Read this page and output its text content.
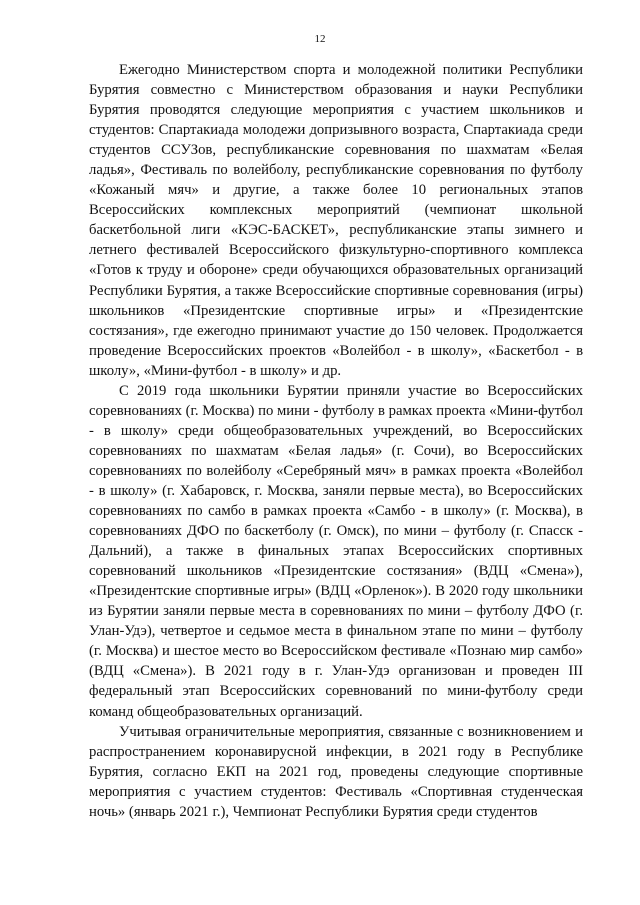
12

Ежегодно Министерством спорта и молодежной политики Республики Бурятия совместно с Министерством образования и науки Республики Бурятия проводятся следующие мероприятия с участием школьников и студентов: Спартакиада молодежи допризывного возраста, Спартакиада среди студентов ССУЗов, республиканские соревнования по шахматам «Белая ладья», Фестиваль по волейболу, республиканские соревнования по футболу «Кожаный мяч» и другие, а также более 10 региональных этапов Всероссийских комплексных мероприятий (чемпионат школьной баскетбольной лиги «КЭС-БАСКЕТ», республиканские этапы зимнего и летнего фестивалей Всероссийского физкультурно-спортивного комплекса «Готов к труду и обороне» среди обучающихся образовательных организаций Республики Бурятия, а также Всероссийские спортивные соревнования (игры) школьников «Президентские спортивные игры» и «Президентские состязания», где ежегодно принимают участие до 150 человек. Продолжается проведение Всероссийских проектов «Волейбол - в школу», «Баскетбол - в школу», «Мини-футбол - в школу» и др.

С 2019 года школьники Бурятии приняли участие во Всероссийских соревнованиях (г. Москва) по мини - футболу в рамках проекта «Мини-футбол - в школу» среди общеобразовательных учреждений, во Всероссийских соревнованиях по шахматам «Белая ладья» (г. Сочи), во Всероссийских соревнованиях по волейболу «Серебряный мяч» в рамках проекта «Волейбол - в школу» (г. Хабаровск, г. Москва, заняли первые места), во Всероссийских соревнованиях по самбо в рамках проекта «Самбо - в школу» (г. Москва), в соревнованиях ДФО по баскетболу (г. Омск), по мини – футболу (г. Спасск - Дальний), а также в финальных этапах Всероссийских спортивных соревнований школьников «Президентские состязания» (ВДЦ «Смена»), «Президентские спортивные игры» (ВДЦ «Орленок»). В 2020 году школьники из Бурятии заняли первые места в соревнованиях по мини – футболу ДФО (г. Улан-Удэ), четвертое и седьмое места в финальном этапе по мини – футболу (г. Москва) и шестое место во Всероссийском фестивале «Познаю мир самбо» (ВДЦ «Смена»). В 2021 году в г. Улан-Удэ организован и проведен III федеральный этап Всероссийских соревнований по мини-футболу среди команд общеобразовательных организаций.

Учитывая ограничительные мероприятия, связанные с возникновением и распространением коронавирусной инфекции, в 2021 году в Республике Бурятия, согласно ЕКП на 2021 год, проведены следующие спортивные мероприятия с участием студентов: Фестиваль «Спортивная студенческая ночь» (январь 2021 г.), Чемпионат Республики Бурятия среди студентов
